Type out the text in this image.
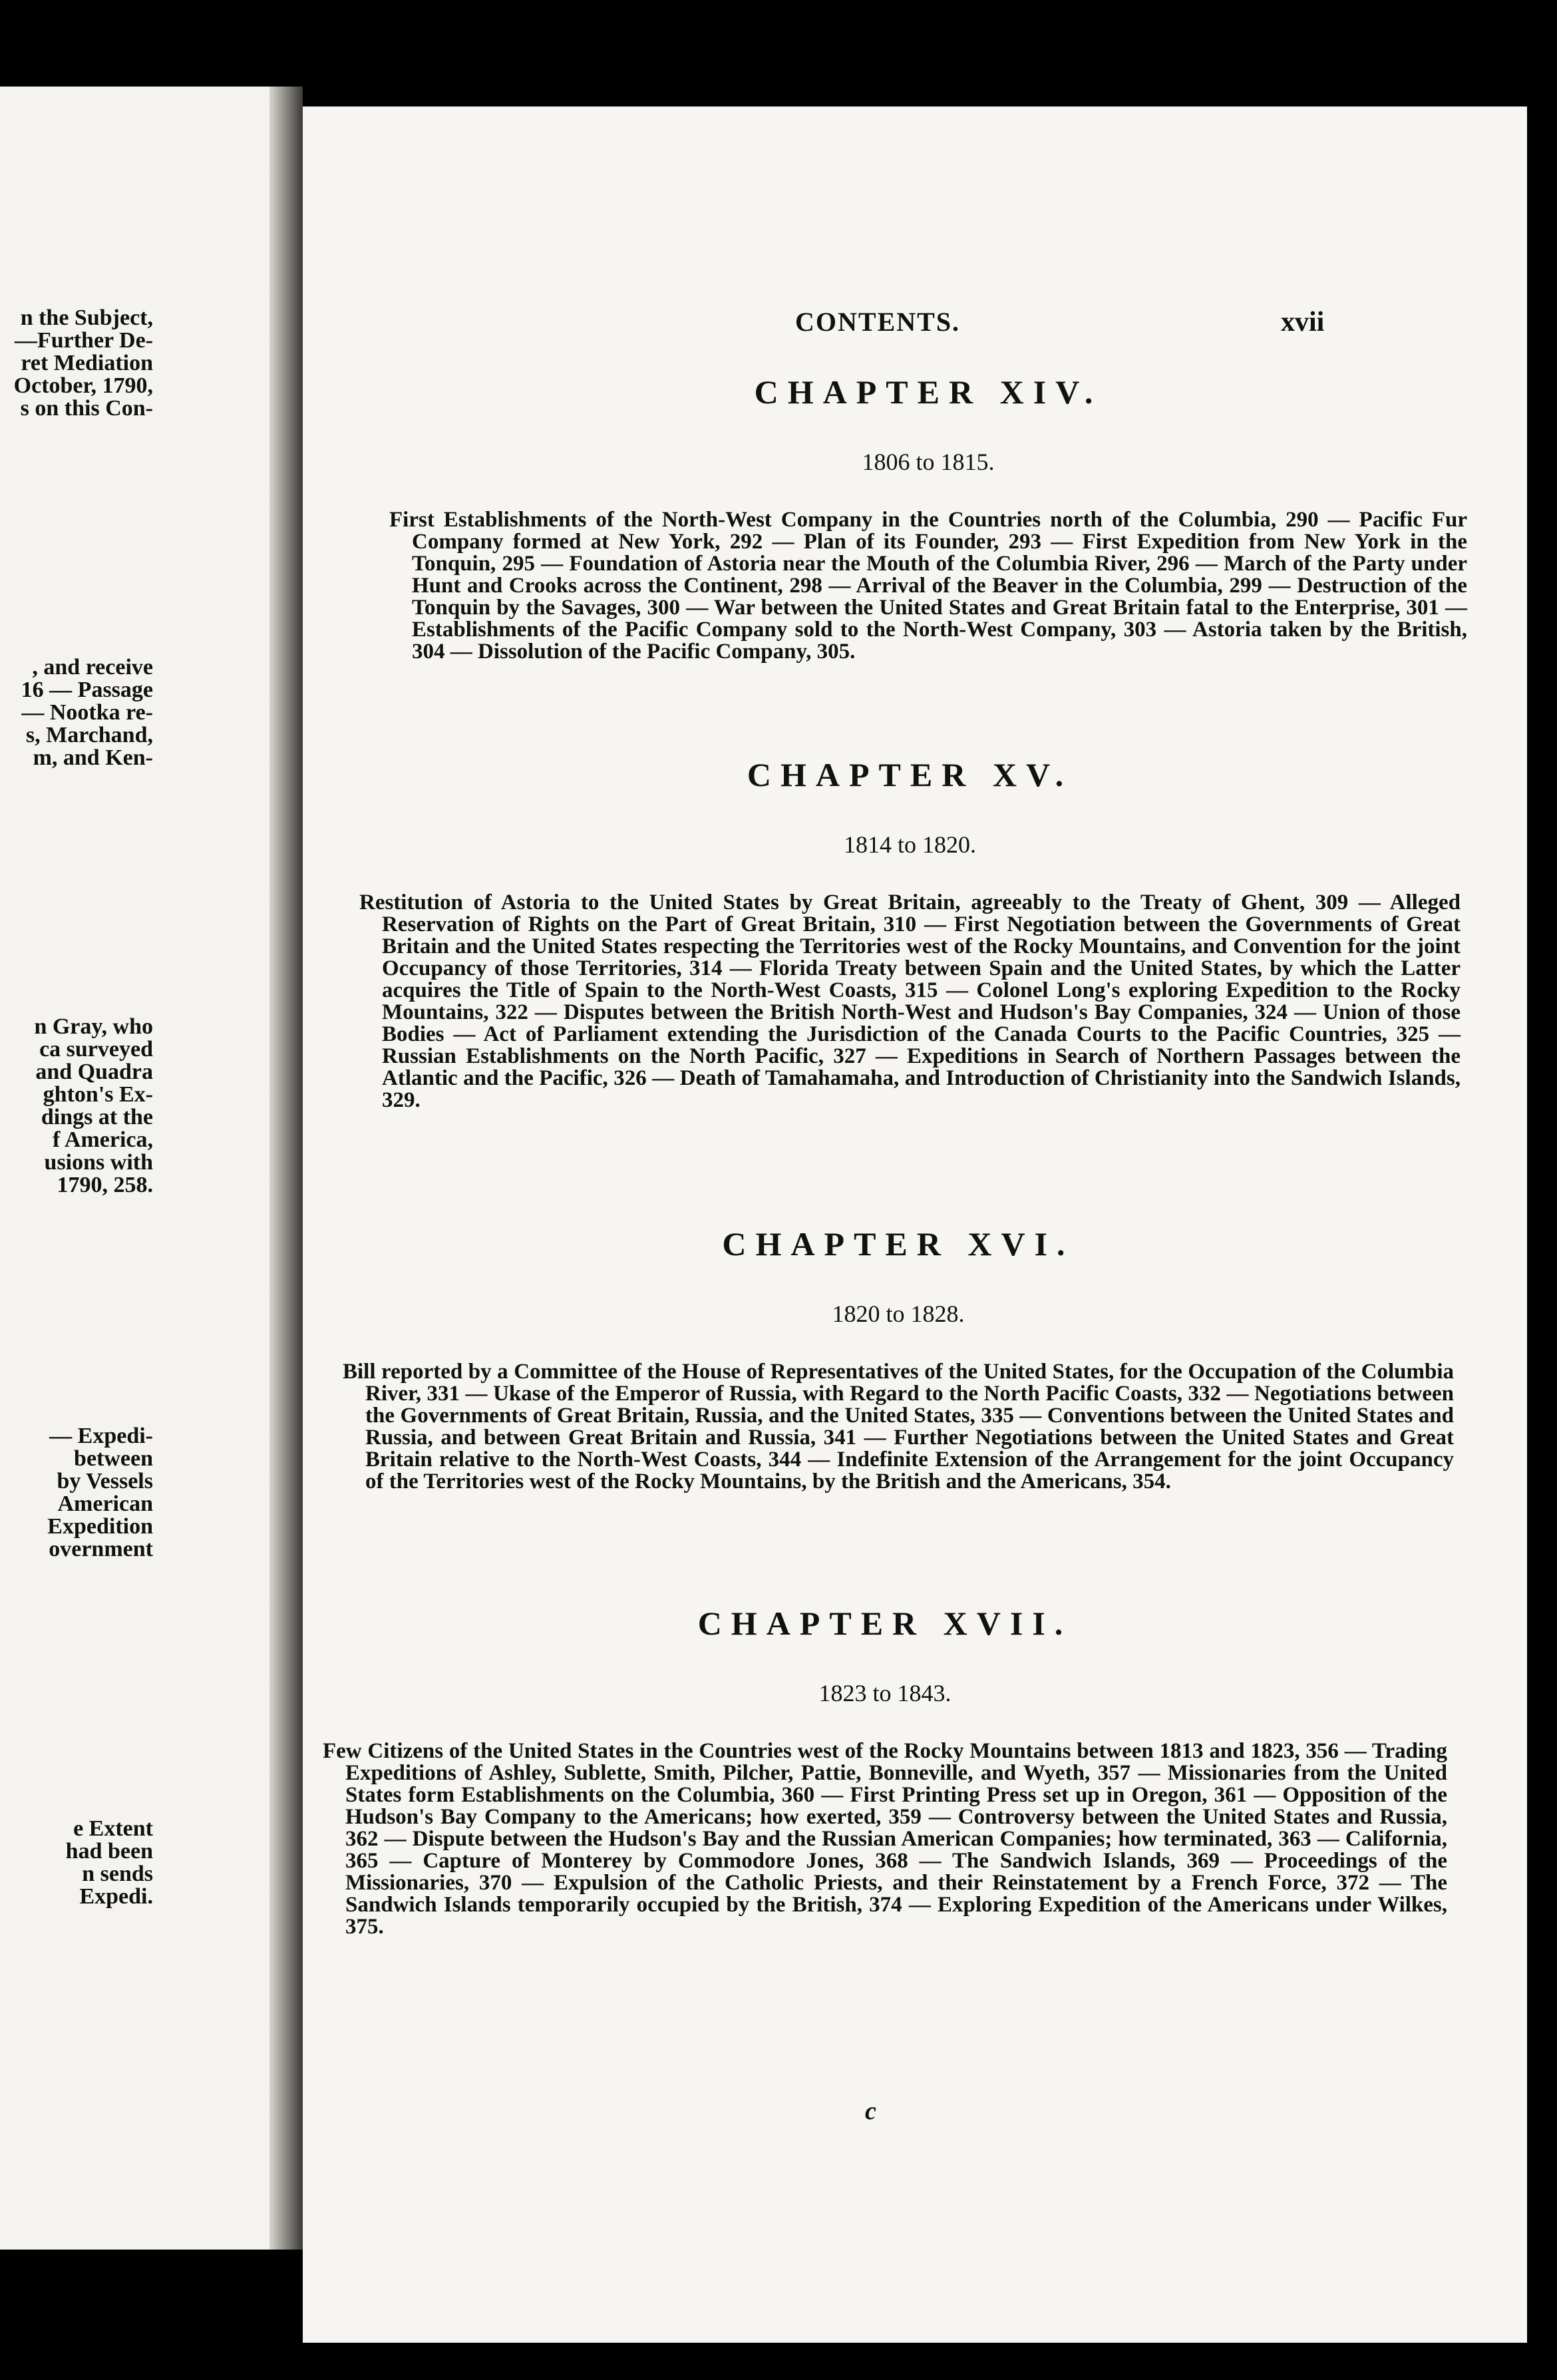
n the Subject,
—Further De-
ret Mediation
October, 1790,
s on this Con-
, and receive
16 — Passage
— Nootka re-
s, Marchand,
m, and Ken-
n Gray, who
ca surveyed
and Quadra
ghton's Ex-
dings at the
f America,
usions with
1790, 258.
— Expedi-
between
by Vessels
American
Expedition
overnment
e Extent
had been
n sends
Expedi.
CONTENTS.	xvii
CHAPTER XIV.
1806 to 1815.
First Establishments of the North-West Company in the Countries north of the Columbia, 290 — Pacific Fur Company formed at New York, 292 — Plan of its Founder, 293 — First Expedition from New York in the Tonquin, 295 — Foundation of Astoria near the Mouth of the Columbia River, 296 — March of the Party under Hunt and Crooks across the Continent, 298 — Arrival of the Beaver in the Columbia, 299 — Destruction of the Tonquin by the Savages, 300 — War between the United States and Great Britain fatal to the Enterprise, 301 — Establishments of the Pacific Company sold to the North-West Company, 303 — Astoria taken by the British, 304 — Dissolution of the Pacific Company, 305.
CHAPTER XV.
1814 to 1820.
Restitution of Astoria to the United States by Great Britain, agreeably to the Treaty of Ghent, 309 — Alleged Reservation of Rights on the Part of Great Britain, 310 — First Negotiation between the Governments of Great Britain and the United States respecting the Territories west of the Rocky Mountains, and Convention for the joint Occupancy of those Territories, 314 — Florida Treaty between Spain and the United States, by which the Latter acquires the Title of Spain to the North-West Coasts, 315 — Colonel Long's exploring Expedition to the Rocky Mountains, 322 — Disputes between the British North-West and Hudson's Bay Companies, 324 — Union of those Bodies — Act of Parliament extending the Jurisdiction of the Canada Courts to the Pacific Countries, 325 — Russian Establishments on the North Pacific, 327 — Expeditions in Search of Northern Passages between the Atlantic and the Pacific, 326 — Death of Tamahamaha, and Introduction of Christianity into the Sandwich Islands, 329.
CHAPTER XVI.
1820 to 1828.
Bill reported by a Committee of the House of Representatives of the United States, for the Occupation of the Columbia River, 331 — Ukase of the Emperor of Russia, with Regard to the North Pacific Coasts, 332 — Negotiations between the Governments of Great Britain, Russia, and the United States, 335 — Conventions between the United States and Russia, and between Great Britain and Russia, 341 — Further Negotiations between the United States and Great Britain relative to the North-West Coasts, 344 — Indefinite Extension of the Arrangement for the joint Occupancy of the Territories west of the Rocky Mountains, by the British and the Americans, 354.
CHAPTER XVII.
1823 to 1843.
Few Citizens of the United States in the Countries west of the Rocky Mountains between 1813 and 1823, 356 — Trading Expeditions of Ashley, Sublette, Smith, Pilcher, Pattie, Bonneville, and Wyeth, 357 — Missionaries from the United States form Establishments on the Columbia, 360 — First Printing Press set up in Oregon, 361 — Opposition of the Hudson's Bay Company to the Americans; how exerted, 359 — Controversy between the United States and Russia, 362 — Dispute between the Hudson's Bay and the Russian American Companies; how terminated, 363 — California, 365 — Capture of Monterey by Commodore Jones, 368 — The Sandwich Islands, 369 — Proceedings of the Missionaries, 370 — Expulsion of the Catholic Priests, and their Reinstatement by a French Force, 372 — The Sandwich Islands temporarily occupied by the British, 374 — Exploring Expedition of the Americans under Wilkes, 375.
c
